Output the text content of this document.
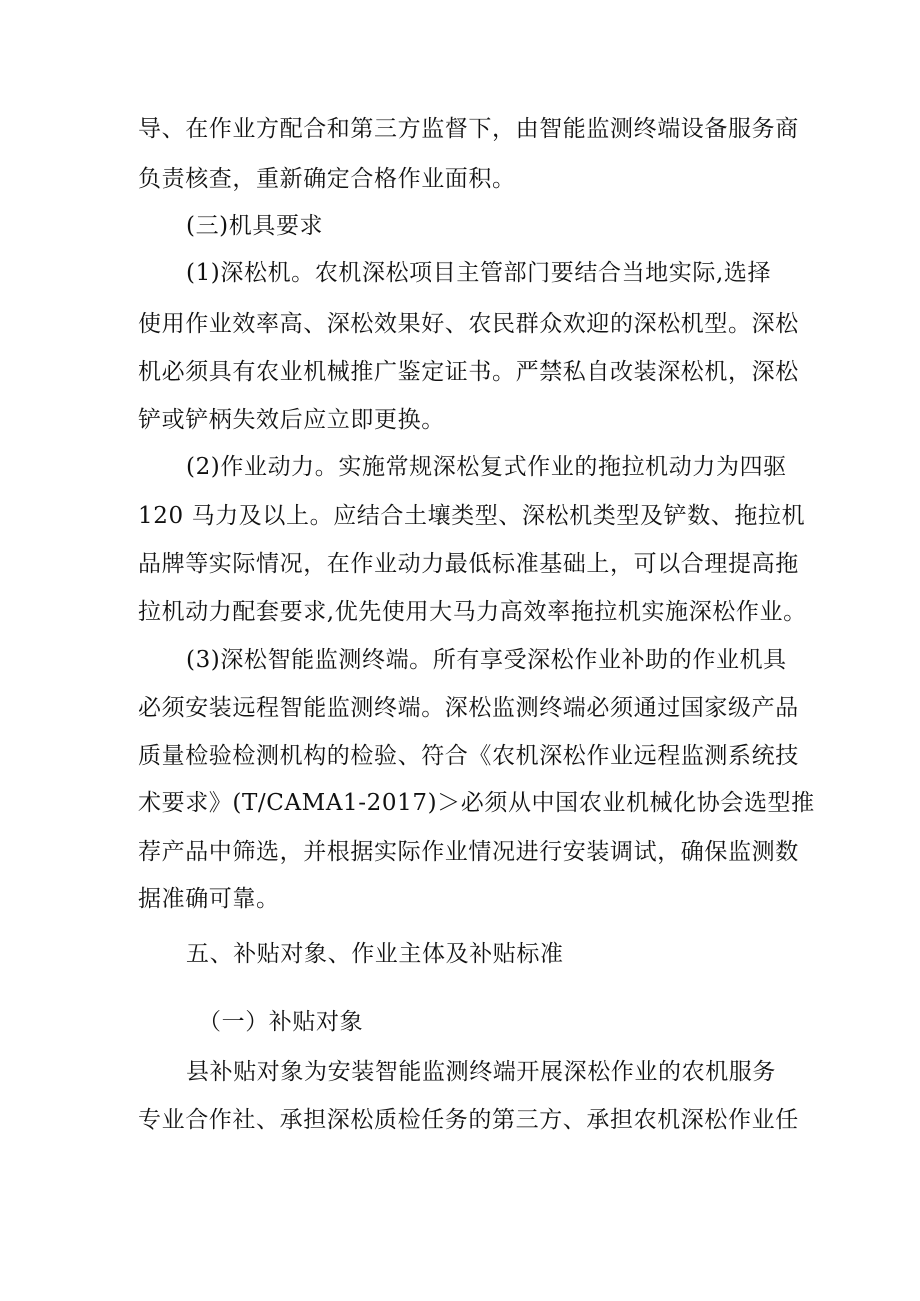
导、在作业方配合和第三方监督下，由智能监测终端设备服务商
负责核查，重新确定合格作业面积。
(三)机具要求
(1)深松机。农机深松项目主管部门要结合当地实际,选择
使用作业效率高、深松效果好、农民群众欢迎的深松机型。深松
机必须具有农业机械推广鉴定证书。严禁私自改装深松机，深松
铲或铲柄失效后应立即更换。
(2)作业动力。实施常规深松复式作业的拖拉机动力为四驱
120 马力及以上。应结合土壤类型、深松机类型及铲数、拖拉机
品牌等实际情况，在作业动力最低标准基础上，可以合理提高拖
拉机动力配套要求,优先使用大马力高效率拖拉机实施深松作业。
(3)深松智能监测终端。所有享受深松作业补助的作业机具
必须安装远程智能监测终端。深松监测终端必须通过国家级产品
质量检验检测机构的检验、符合《农机深松作业远程监测系统技
术要求》(T/CAMA1-2017)＞必须从中国农业机械化协会选型推
荐产品中筛选，并根据实际作业情况进行安装调试，确保监测数
据准确可靠。
五、补贴对象、作业主体及补贴标准
（一）补贴对象
县补贴对象为安装智能监测终端开展深松作业的农机服务
专业合作社、承担深松质检任务的第三方、承担农机深松作业任
